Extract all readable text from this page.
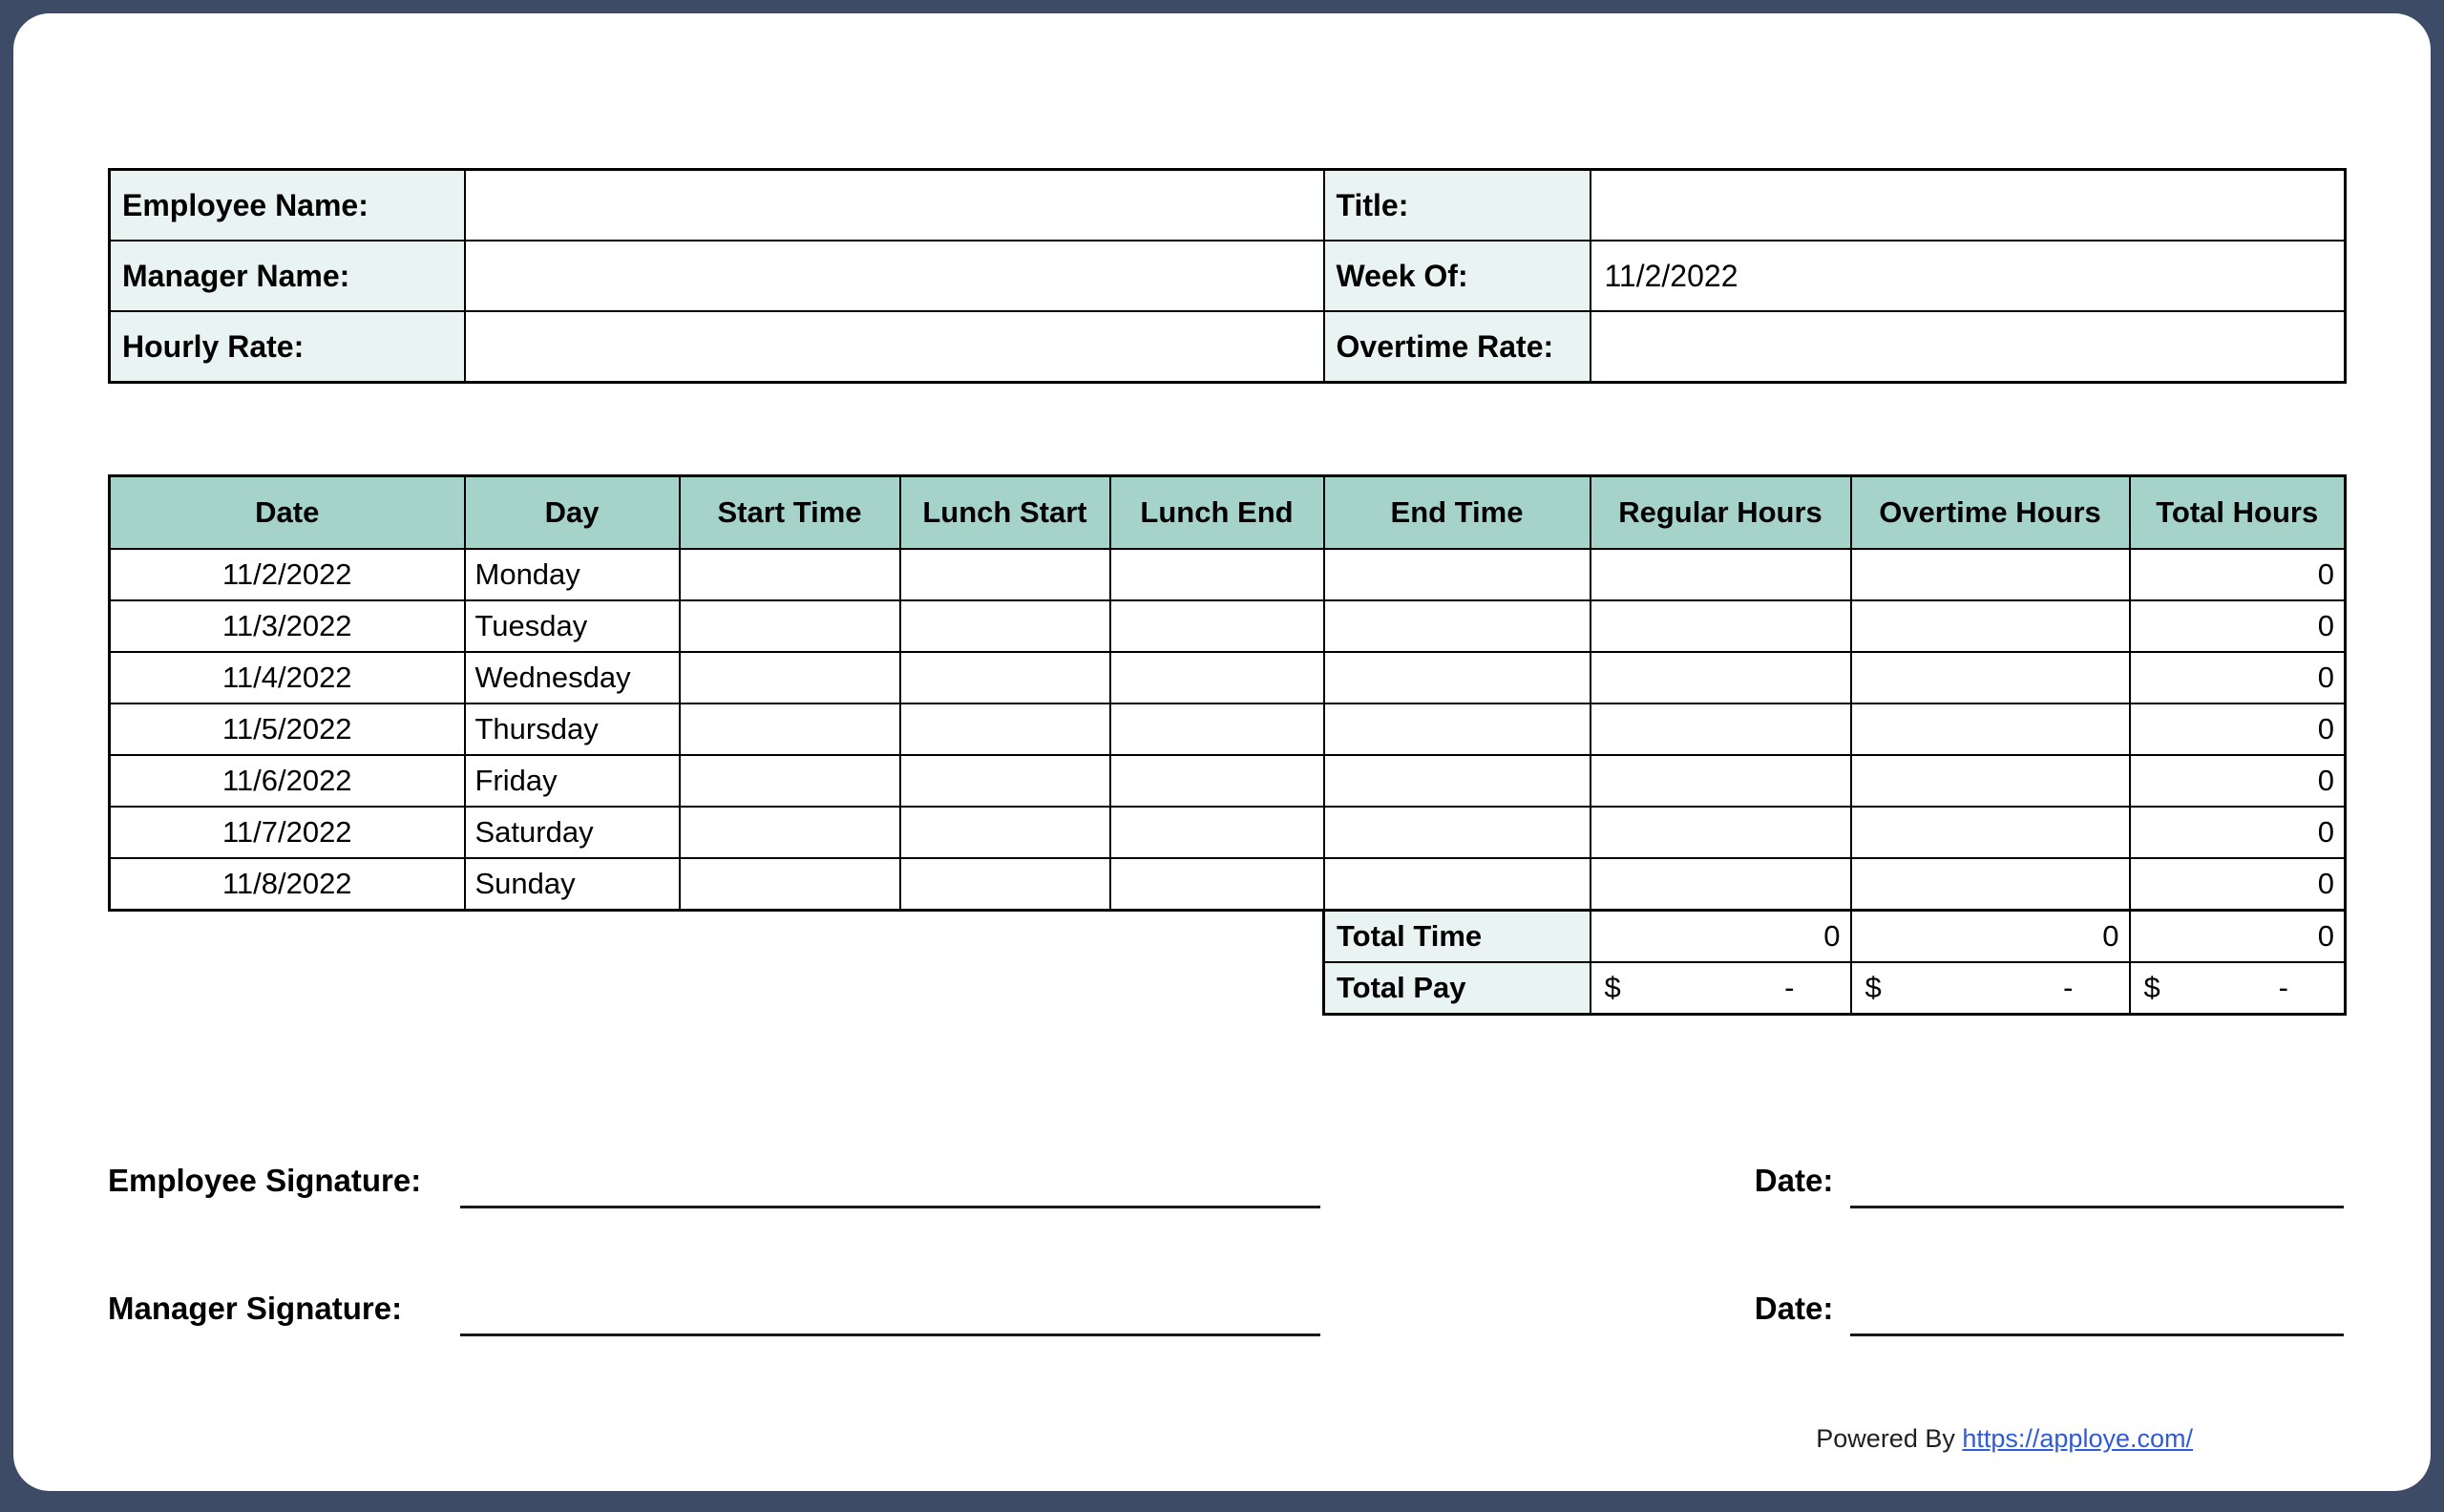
Employee Name:		Title:	
Manager Name:		Week Of:	11/2/2022
Hourly Rate:		Overtime Rate:	
Date	Day	Start Time	Lunch Start	Lunch End	End Time	Regular Hours	Overtime Hours	Total Hours
11/2/2022	Monday							0
11/3/2022	Tuesday							0
11/4/2022	Wednesday							0
11/5/2022	Thursday							0
11/6/2022	Friday							0
11/7/2022	Saturday							0
11/8/2022	Sunday							0
Total Time	0	0	0
Total Pay	$ -	$ -	$ -
Employee Signature:	Date:
Manager Signature:	Date:
Powered By https://apploye.com/
